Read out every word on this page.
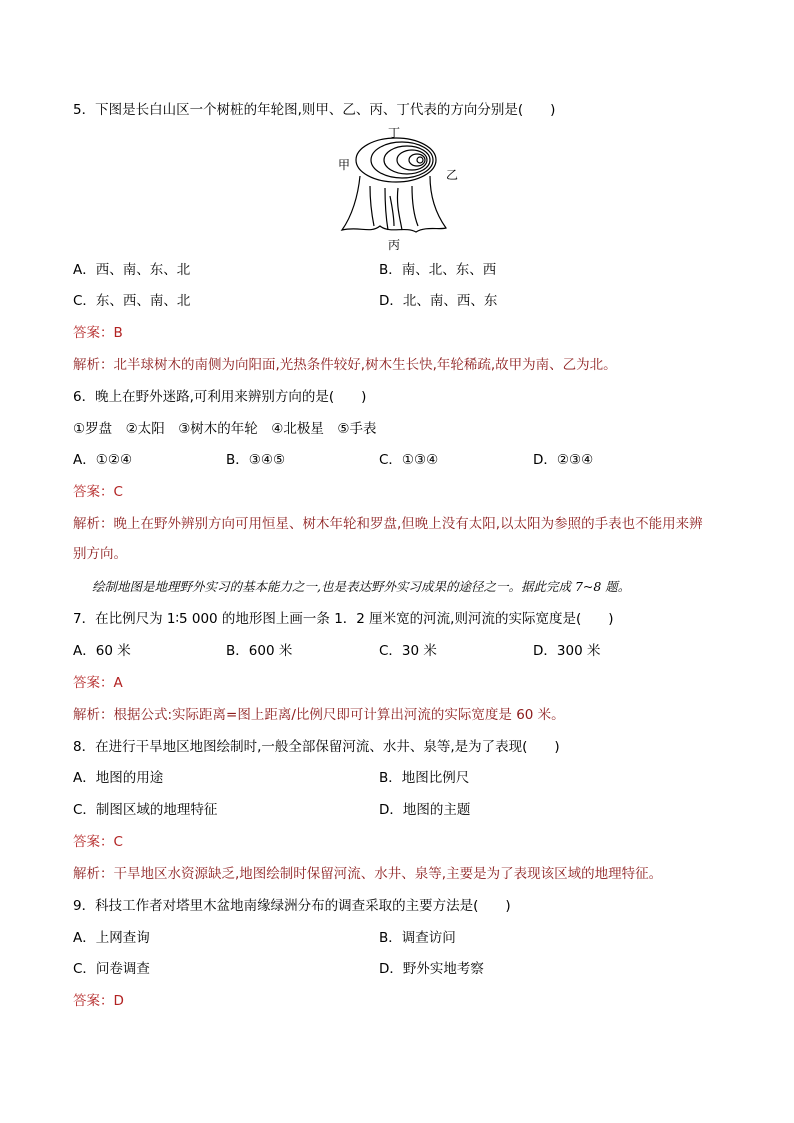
5．下图是长白山区一个树桩的年轮图,则甲、乙、丙、丁代表的方向分别是(　　)
丁
甲
乙
丙
A．西、南、东、北	B．南、北、东、西
C．东、西、南、北	D．北、南、西、东
答案：B
解析：北半球树木的南侧为向阳面,光热条件较好,树木生长快,年轮稀疏,故甲为南、乙为北。
6．晚上在野外迷路,可利用来辨别方向的是(　　)
①罗盘　②太阳　③树木的年轮　④北极星　⑤手表
A．①②④	B．③④⑤	C．①③④	D．②③④
答案：C
解析：晚上在野外辨别方向可用恒星、树木年轮和罗盘,但晚上没有太阳,以太阳为参照的手表也不能用来辨
别方向。
绘制地图是地理野外实习的基本能力之一,也是表达野外实习成果的途径之一。据此完成 7~8 题。
7．在比例尺为 1∶5 000 的地形图上画一条 1．2 厘米宽的河流,则河流的实际宽度是(　　)
A．60 米	B．600 米	C．30 米	D．300 米
答案：A
解析：根据公式:实际距离=图上距离/比例尺即可计算出河流的实际宽度是 60 米。
8．在进行干旱地区地图绘制时,一般全部保留河流、水井、泉等,是为了表现(　　)
A．地图的用途	B．地图比例尺
C．制图区域的地理特征	D．地图的主题
答案：C
解析：干旱地区水资源缺乏,地图绘制时保留河流、水井、泉等,主要是为了表现该区域的地理特征。
9．科技工作者对塔里木盆地南缘绿洲分布的调查采取的主要方法是(　　)
A．上网查询	B．调查访问
C．问卷调查	D．野外实地考察
答案：D
